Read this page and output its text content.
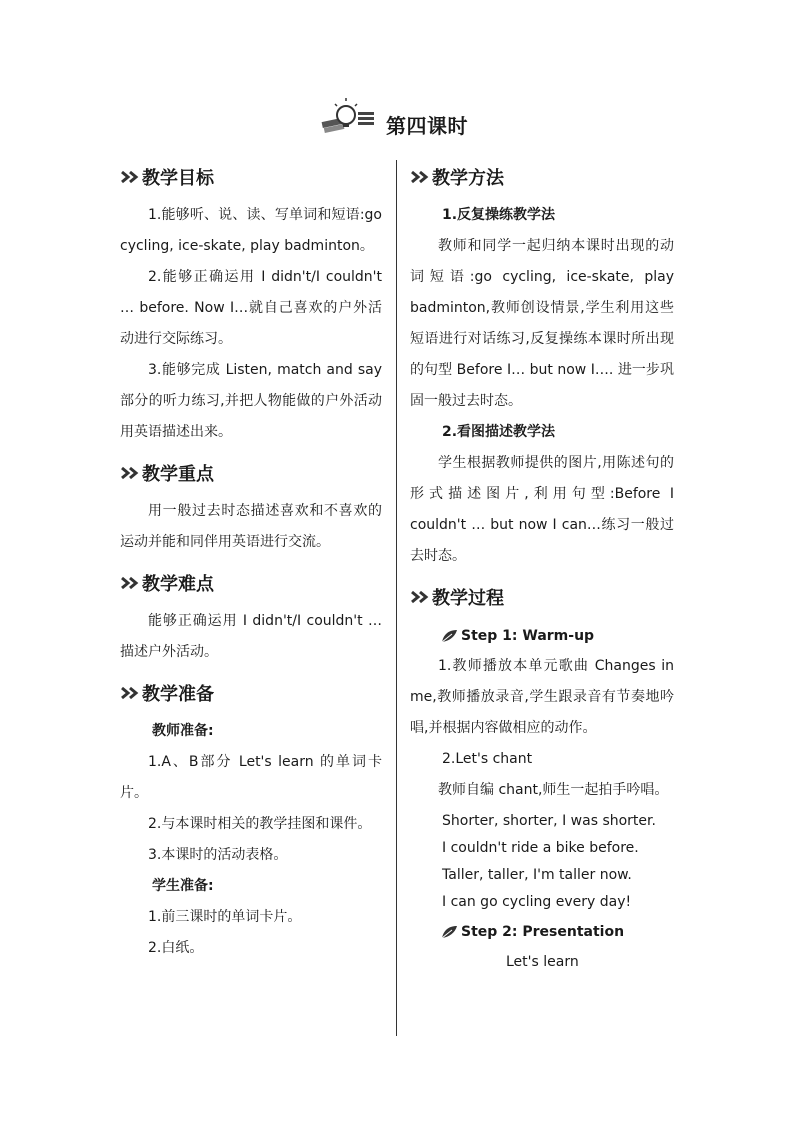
第四课时
教学目标

1.能够听、说、读、写单词和短语:go cycling, ice-skate, play badminton。

2.能够正确运用 I didn't/I couldn't … before. Now I…就自己喜欢的户外活动进行交际练习。

3.能够完成 Listen, match and say 部分的听力练习,并把人物能做的户外活动用英语描述出来。

教学重点

用一般过去时态描述喜欢和不喜欢的运动并能和同伴用英语进行交流。

教学难点

能够正确运用 I didn't/I couldn't …描述户外活动。

教学准备

教师准备:

1.A、B部分 Let's learn 的单词卡片。

2.与本课时相关的教学挂图和课件。

3.本课时的活动表格。

学生准备:

1.前三课时的单词卡片。

2.白纸。

教学方法

1.反复操练教学法

教师和同学一起归纳本课时出现的动词短语:go cycling, ice-skate, play badminton,教师创设情景,学生利用这些短语进行对话练习,反复操练本课时所出现的句型 Before I… but now I…. 进一步巩固一般过去时态。

2.看图描述教学法

学生根据教师提供的图片,用陈述句的形式描述图片,利用句型:Before I couldn't … but now I can…练习一般过去时态。

教学过程
Step 1: Warm-up

1.教师播放本单元歌曲 Changes in me,教师播放录音,学生跟录音有节奏地吟唱,并根据内容做相应的动作。

2.Let's chant

教师自编 chant,师生一起拍手吟唱。

Shorter, shorter, I was shorter.
I couldn't ride a bike before.
Taller, taller, I'm taller now.
I can go cycling every day!
Step 2: Presentation

Let's learn
